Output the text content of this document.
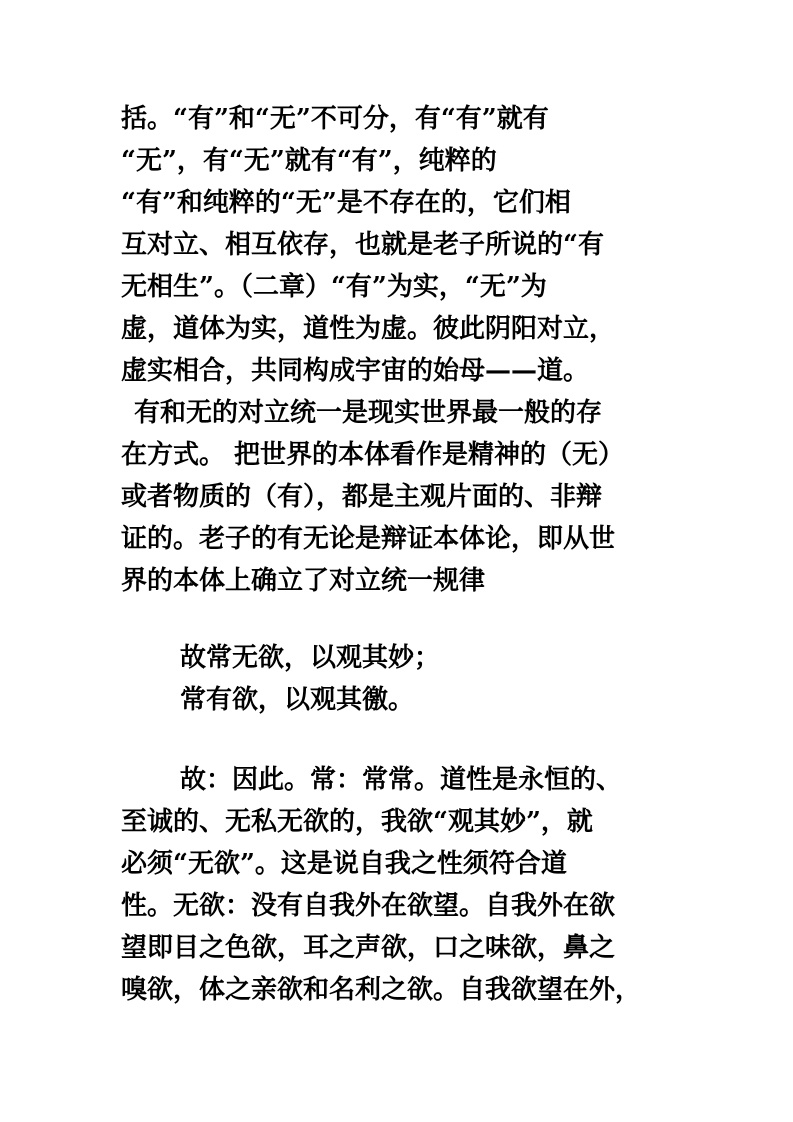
括。“有”和“无”不可分，有“有”就有
“无”，有“无”就有“有”，纯粹的
“有”和纯粹的“无”是不存在的，它们相
互对立、相互依存，也就是老子所说的“有
无相生”。（二章）“有”为实，“无”为
虚，道体为实，道性为虚。彼此阴阳对立，
虚实相合，共同构成宇宙的始母——道。
有和无的对立统一是现实世界最一般的存
在方式。 把世界的本体看作是精神的（无）
或者物质的（有），都是主观片面的、非辩
证的。老子的有无论是辩证本体论，即从世
界的本体上确立了对立统一规律
故常无欲，以观其妙；
常有欲，以观其徼。
故：因此。常：常常。道性是永恒的、
至诚的、无私无欲的，我欲“观其妙”，就
必须“无欲”。这是说自我之性须符合道
性。无欲：没有自我外在欲望。自我外在欲
望即目之色欲，耳之声欲，口之味欲，鼻之
嗅欲，体之亲欲和名利之欲。自我欲望在外，
